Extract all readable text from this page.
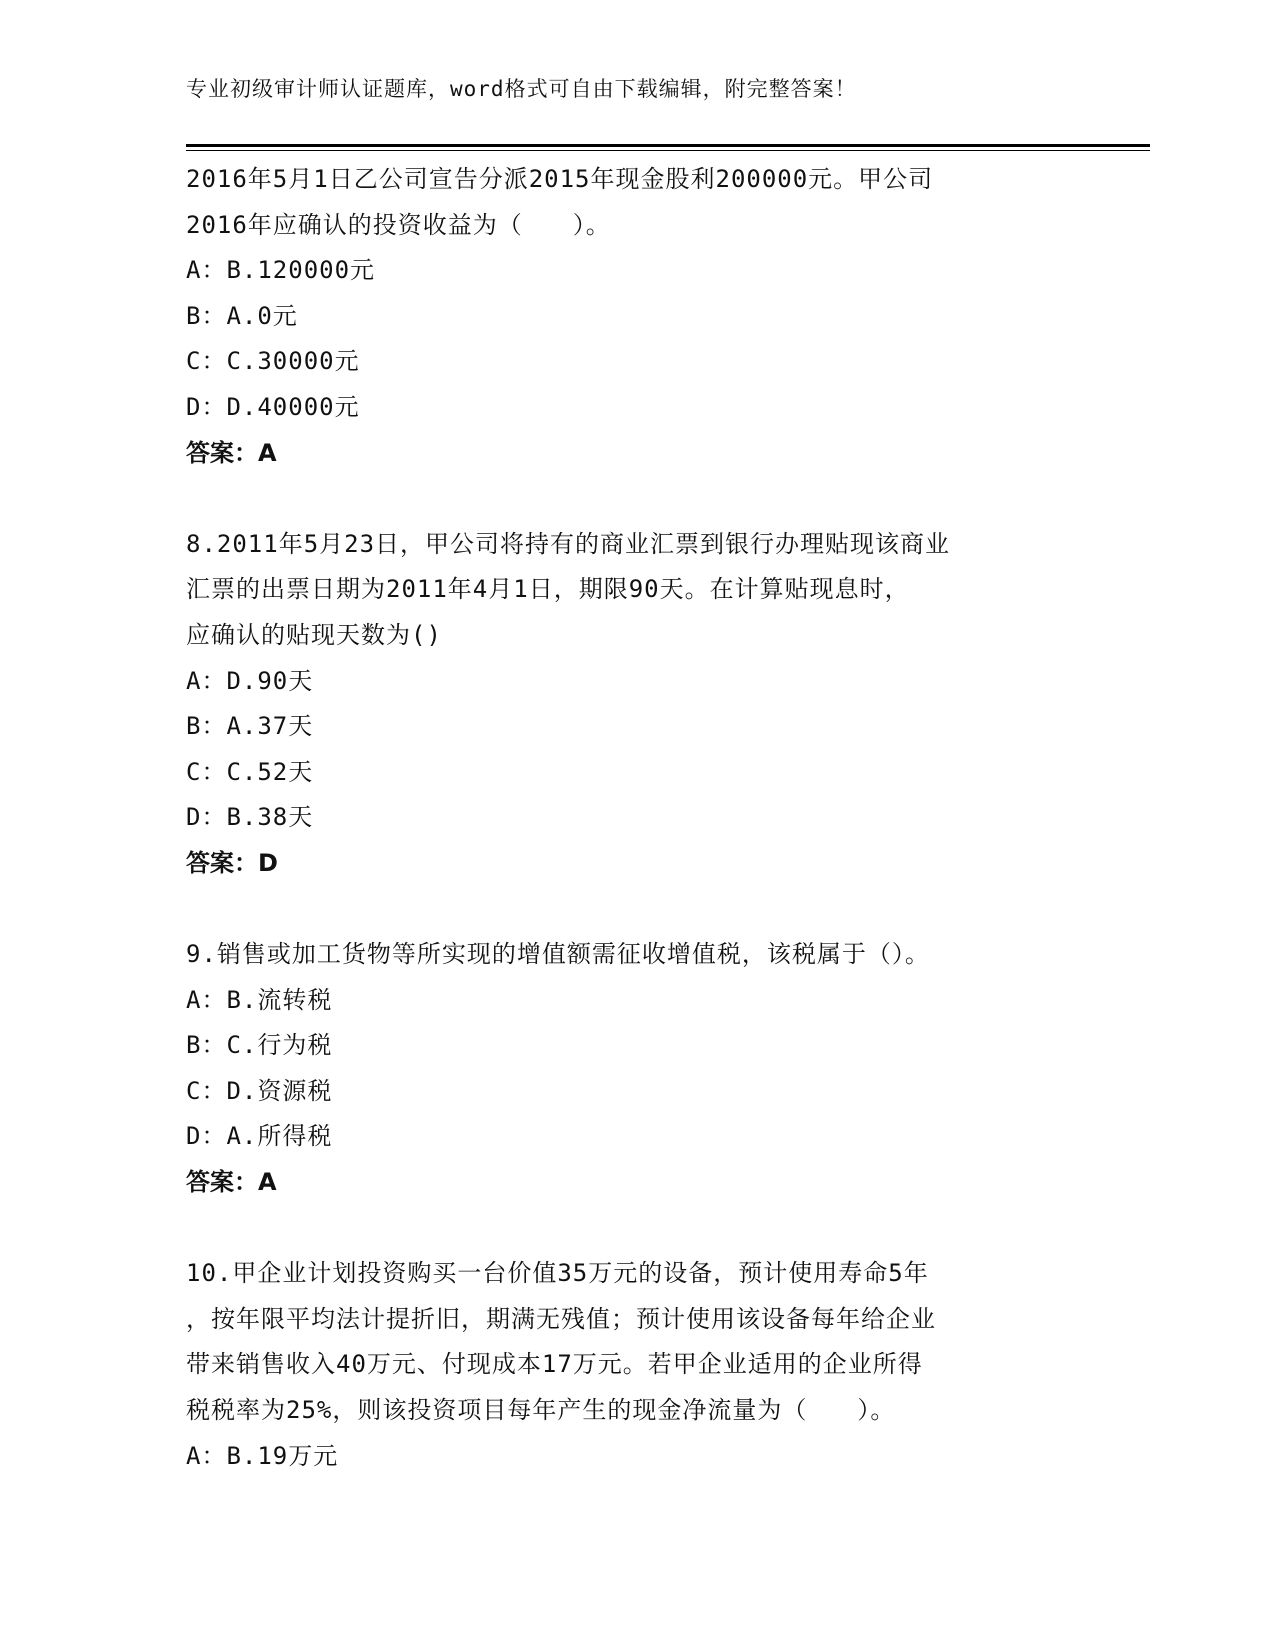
专业初级审计师认证题库，word格式可自由下载编辑，附完整答案！
2016年5月1日乙公司宣告分派2015年现金股利200000元。甲公司
2016年应确认的投资收益为（　　）。
A：B.120000元
B：A.0元
C：C.30000元
D：D.40000元
答案：A
8.2011年5月23日，甲公司将持有的商业汇票到银行办理贴现该商业
汇票的出票日期为2011年4月1日，期限90天。在计算贴现息时，
应确认的贴现天数为()
A：D.90天
B：A.37天
C：C.52天
D：B.38天
答案：D
9.销售或加工货物等所实现的增值额需征收增值税，该税属于（）。
A：B.流转税
B：C.行为税
C：D.资源税
D：A.所得税
答案：A
10.甲企业计划投资购买一台价值35万元的设备，预计使用寿命5年
，按年限平均法计提折旧，期满无残值；预计使用该设备每年给企业
带来销售收入40万元、付现成本17万元。若甲企业适用的企业所得
税税率为25%，则该投资项目每年产生的现金净流量为（　　）。
A：B.19万元
